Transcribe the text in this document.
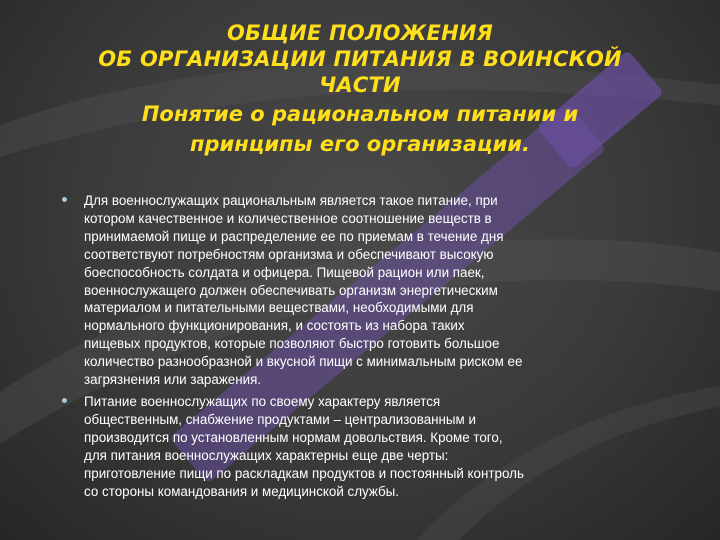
ОБЩИЕ ПОЛОЖЕНИЯ
ОБ ОРГАНИЗАЦИИ ПИТАНИЯ В ВОИНСКОЙ
ЧАСТИ
Понятие о рациональном питании и
принципы его организации.
Для военнослужащих рациональным является такое питание, при
котором качественное и количественное соотношение веществ в
принимаемой пище и распределение ее по приемам в течение дня
соответствуют потребностям организма и обеспечивают высокую
боеспособность солдата и офицера. Пищевой рацион или паек,
военнослужащего должен обеспечивать организм энергетическим
материалом и питательными веществами, необходимыми для
нормального функционирования, и состоять из набора таких
пищевых продуктов, которые позволяют быстро готовить большое
количество разнообразной и вкусной пищи с минимальным риском ее
загрязнения или заражения.
Питание военнослужащих по своему характеру является
общественным, снабжение продуктами – централизованным и
производится по установленным нормам довольствия. Кроме того,
для питания военнослужащих характерны еще две черты:
приготовление пищи по раскладкам продуктов и постоянный контроль
со стороны командования и медицинской службы.
